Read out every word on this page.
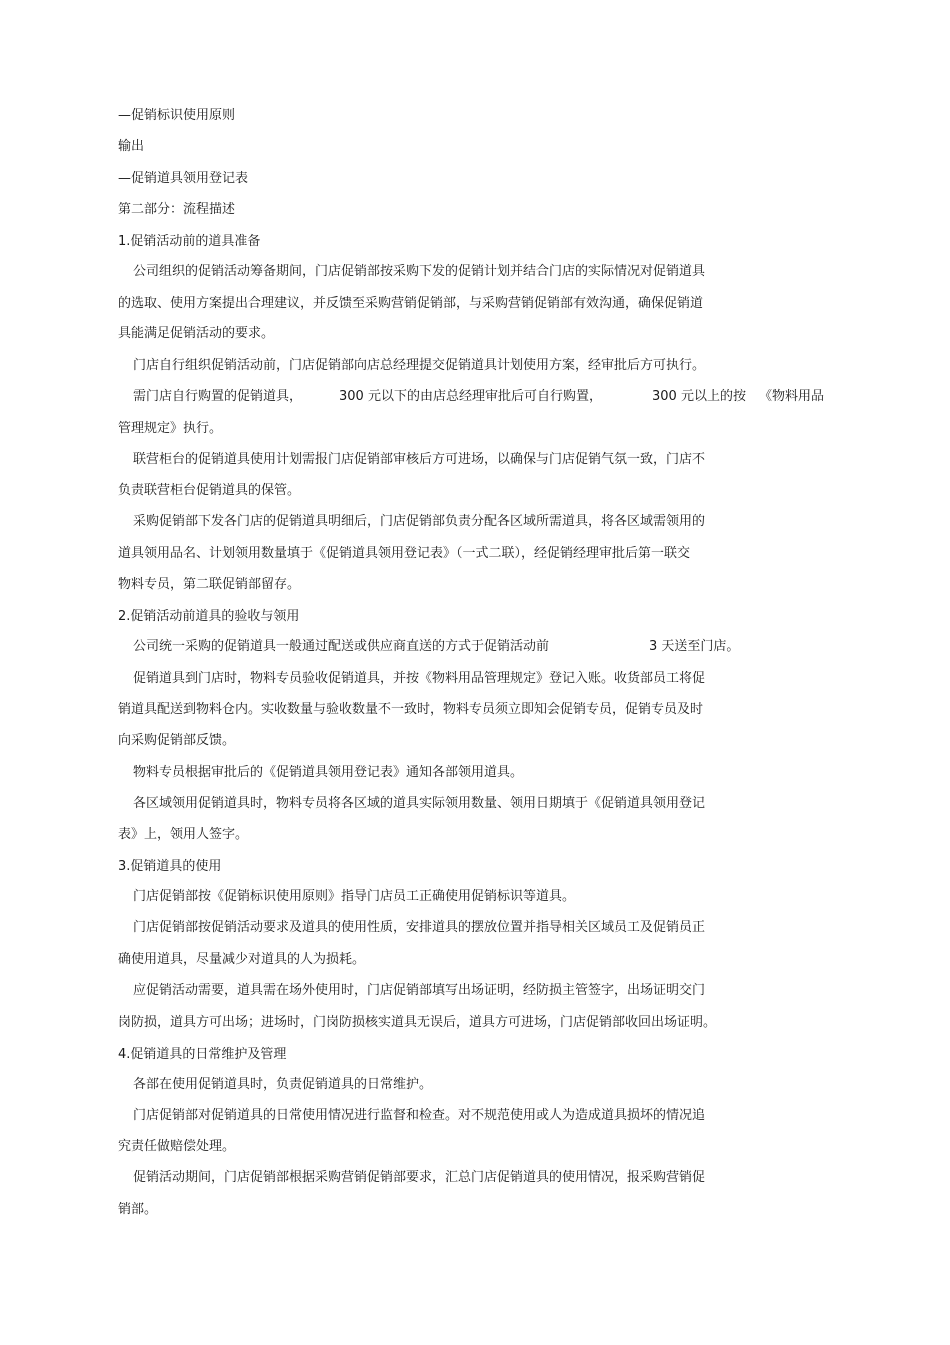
—促销标识使用原则

输出

—促销道具领用登记表

第二部分：流程描述

1.促销活动前的道具准备

公司组织的促销活动筹备期间，门店促销部按采购下发的促销计划并结合门店的实际情况对促销道具

的选取、使用方案提出合理建议，并反馈至采购营销促销部，与采购营销促销部有效沟通，确保促销道

具能满足促销活动的要求。

门店自行组织促销活动前，门店促销部向店总经理提交促销道具计划使用方案，经审批后方可执行。

需门店自行购置的促销道具，	300 元以下的由店总经理审批后可自行购置，	300 元以上的按 《物料用品

管理规定》执行。

联营柜台的促销道具使用计划需报门店促销部审核后方可进场，以确保与门店促销气氛一致，门店不

负责联营柜台促销道具的保管。

采购促销部下发各门店的促销道具明细后，门店促销部负责分配各区域所需道具，将各区域需领用的

道具领用品名、计划领用数量填于《促销道具领用登记表》（一式二联），经促销经理审批后第一联交

物料专员，第二联促销部留存。

2.促销活动前道具的验收与领用

公司统一采购的促销道具一般通过配送或供应商直送的方式于促销活动前	3 天送至门店。

促销道具到门店时，物料专员验收促销道具，并按《物料用品管理规定》登记入账。收货部员工将促

销道具配送到物料仓内。实收数量与验收数量不一致时，物料专员须立即知会促销专员，促销专员及时

向采购促销部反馈。

物料专员根据审批后的《促销道具领用登记表》通知各部领用道具。

各区域领用促销道具时，物料专员将各区域的道具实际领用数量、领用日期填于《促销道具领用登记

表》上，领用人签字。

3.促销道具的使用

门店促销部按《促销标识使用原则》指导门店员工正确使用促销标识等道具。

门店促销部按促销活动要求及道具的使用性质，安排道具的摆放位置并指导相关区域员工及促销员正

确使用道具，尽量减少对道具的人为损耗。

应促销活动需要，道具需在场外使用时，门店促销部填写出场证明，经防损主管签字，出场证明交门

岗防损，道具方可出场；进场时，门岗防损核实道具无误后，道具方可进场，门店促销部收回出场证明。

4.促销道具的日常维护及管理

各部在使用促销道具时，负责促销道具的日常维护。

门店促销部对促销道具的日常使用情况进行监督和检查。对不规范使用或人为造成道具损坏的情况追

究责任做赔偿处理。

促销活动期间，门店促销部根据采购营销促销部要求，汇总门店促销道具的使用情况，报采购营销促

销部。
